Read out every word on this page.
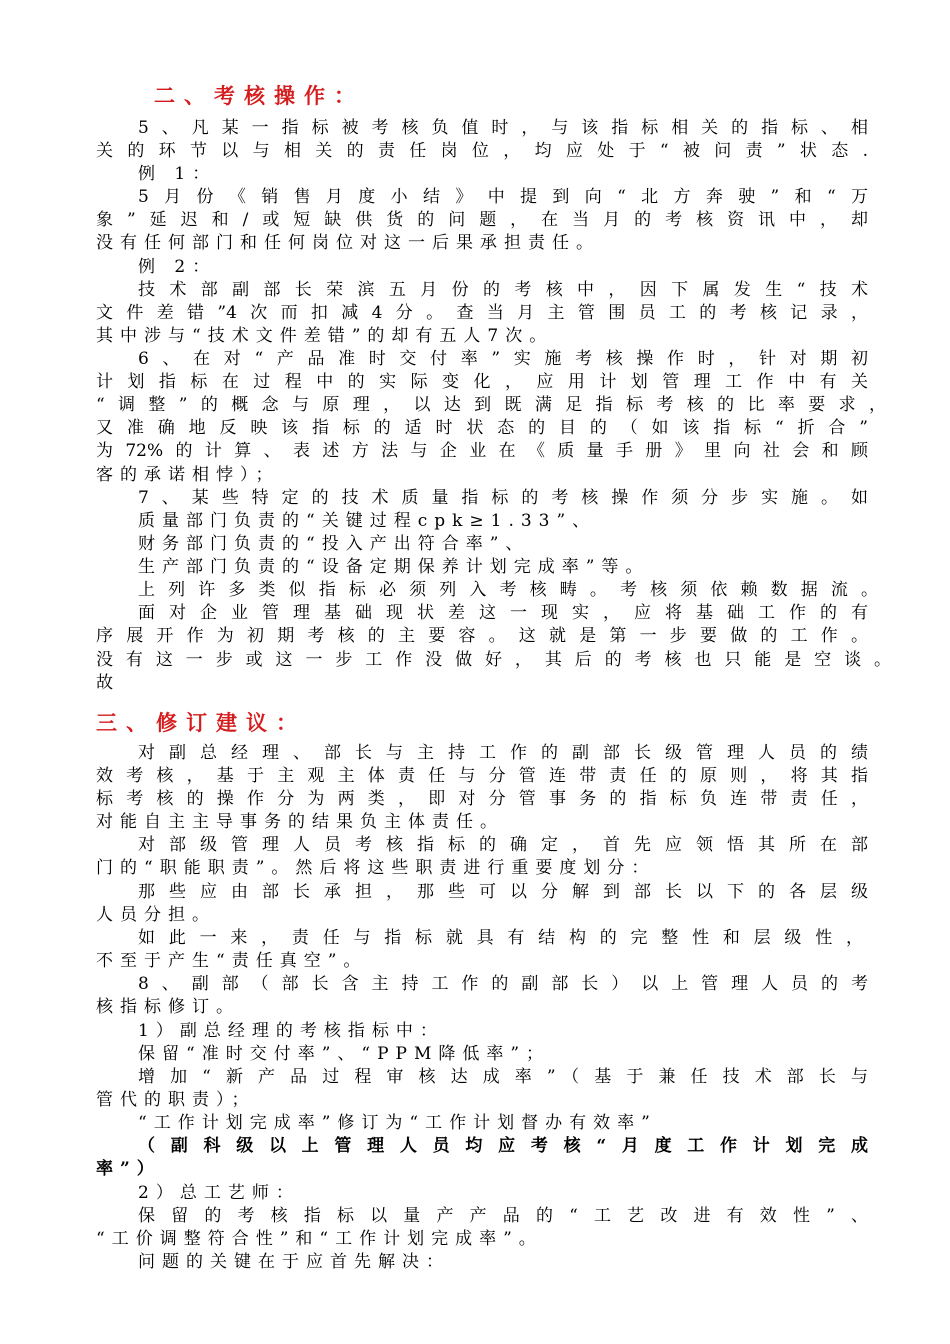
二、考核操作：
5、凡某一指标被考核负值时，与该指标相关的指标、相
关的环节以与相关的责任岗位，均应处于“被问责”状态.
例 1：
5月份《销售月度小结》中提到向“北方奔驶”和“万
象”延迟和/或短缺供货的问题，在当月的考核资讯中，却
没有任何部门和任何岗位对这一后果承担责任。
例 2：
技术部副部长荣滨五月份的考核中，因下属发生“技术
文件差错”4次而扣减4分。查当月主管围员工的考核记录，
其中涉与“技术文件差错”的却有五人7次。
6、在对“产品准时交付率”实施考核操作时，针对期初
计划指标在过程中的实际变化，应用计划管理工作中有关
“调整”的概念与原理，以达到既满足指标考核的比率要求，
又准确地反映该指标的适时状态的目的（如该指标“折合”
为72%的计算、表述方法与企业在《质量手册》里向社会和顾
客的承诺相悖）；
7、某些特定的技术质量指标的考核操作须分步实施。如
质量部门负责的“关键过程cpk≥1.33”、
财务部门负责的“投入产出符合率”、
生产部门负责的“设备定期保养计划完成率”等。
上列许多类似指标必须列入考核畴。考核须依赖数据流。
面对企业管理基础现状差这一现实，应将基础工作的有
序展开作为初期考核的主要容。这就是第一步要做的工作。
没有这一步或这一步工作没做好，其后的考核也只能是空谈。
故
三、修订建议：
对副总经理、部长与主持工作的副部长级管理人员的绩
效考核，基于主观主体责任与分管连带责任的原则，将其指
标考核的操作分为两类，即对分管事务的指标负连带责任，
对能自主主导事务的结果负主体责任。
对部级管理人员考核指标的确定，首先应领悟其所在部
门的“职能职责”。然后将这些职责进行重要度划分：
那些应由部长承担，那些可以分解到部长以下的各层级
人员分担。
如此一来，责任与指标就具有结构的完整性和层级性，
不至于产生“责任真空”。
8、副部（部长含主持工作的副部长）以上管理人员的考
核指标修订。
1）副总经理的考核指标中：
保留“准时交付率”、“PPM降低率”；
增加“新产品过程审核达成率”（基于兼任技术部长与
管代的职责）；
“工作计划完成率”修订为“工作计划督办有效率”
（副科级以上管理人员均应考核“月度工作计划完成
率”）
2）总工艺师：
保留的考核指标以量产产品的“工艺改进有效性”、
“工价调整符合性”和“工作计划完成率”。
问题的关键在于应首先解决：
